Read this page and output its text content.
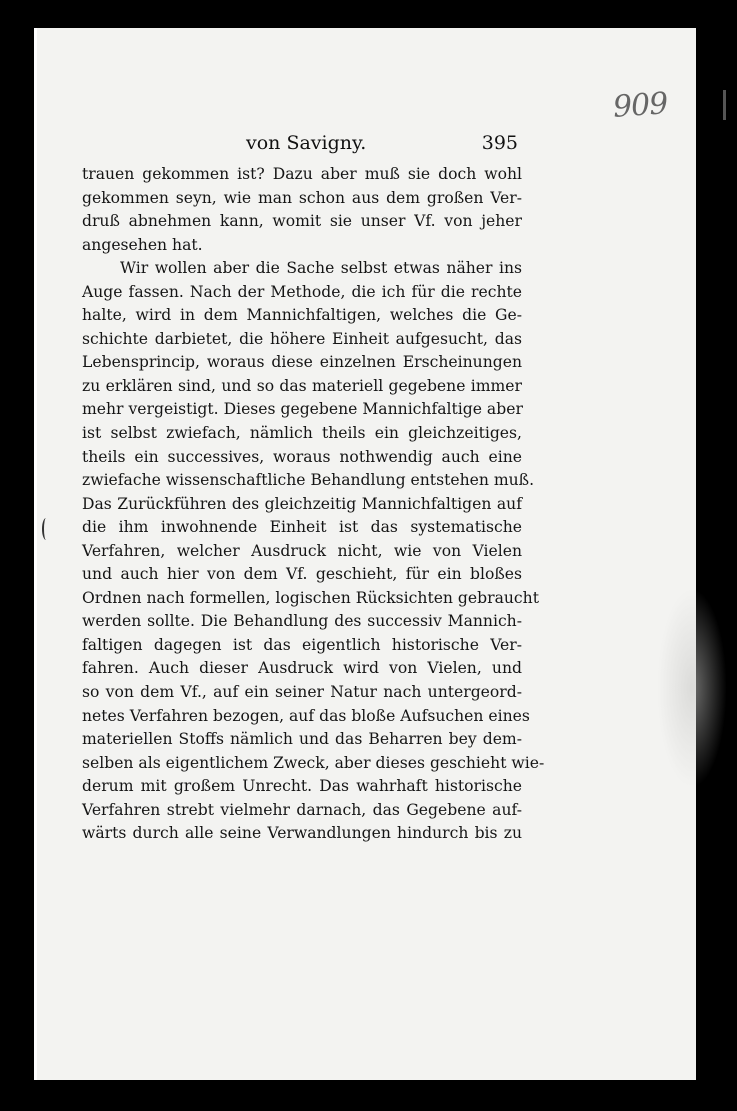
909
von Savigny.	395
trauen gekommen ist? Dazu aber muß sie doch wohl
gekommen seyn, wie man schon aus dem großen Ver-
druß abnehmen kann, womit sie unser Vf. von jeher
angesehen hat.
Wir wollen aber die Sache selbst etwas näher ins
Auge fassen. Nach der Methode, die ich für die rechte
halte, wird in dem Mannichfaltigen, welches die Ge-
schichte darbietet, die höhere Einheit aufgesucht, das
Lebensprincip, woraus diese einzelnen Erscheinungen
zu erklären sind, und so das materiell gegebene immer
mehr vergeistigt. Dieses gegebene Mannichfaltige aber
ist selbst zwiefach, nämlich theils ein gleichzeitiges,
theils ein successives, woraus nothwendig auch eine
zwiefache wissenschaftliche Behandlung entstehen muß.
Das Zurückführen des gleichzeitig Mannichfaltigen auf
die ihm inwohnende Einheit ist das systematische
Verfahren, welcher Ausdruck nicht, wie von Vielen
und auch hier von dem Vf. geschieht, für ein bloßes
Ordnen nach formellen, logischen Rücksichten gebraucht
werden sollte. Die Behandlung des successiv Mannich-
faltigen dagegen ist das eigentlich historische Ver-
fahren. Auch dieser Ausdruck wird von Vielen, und
so von dem Vf., auf ein seiner Natur nach untergeord-
netes Verfahren bezogen, auf das bloße Aufsuchen eines
materiellen Stoffs nämlich und das Beharren bey dem-
selben als eigentlichem Zweck, aber dieses geschieht wie-
derum mit großem Unrecht. Das wahrhaft historische
Verfahren strebt vielmehr darnach, das Gegebene auf-
wärts durch alle seine Verwandlungen hindurch bis zu
